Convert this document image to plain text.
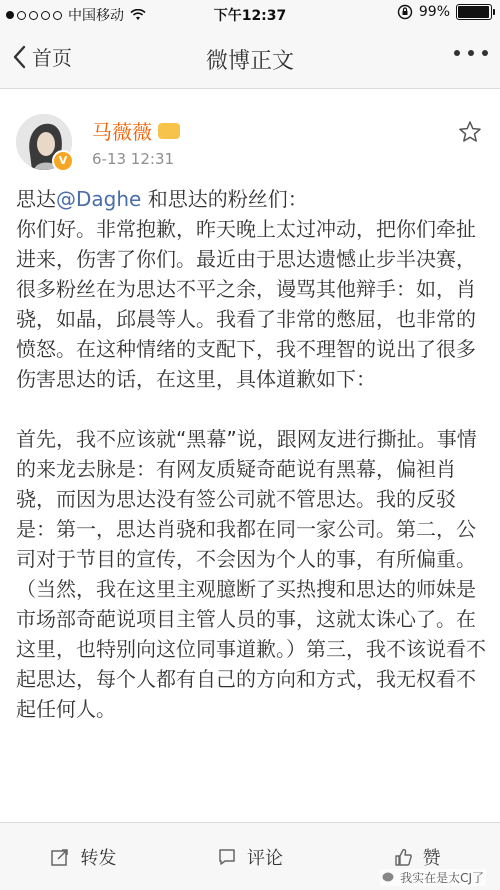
中国移动	下午12:37	99%
首页	微博正文
V
马薇薇
6-13 12:31
思达@Daghe 和思达的粉丝们：
你们好。非常抱歉，昨天晚上太过冲动，把你们牵扯进来，伤害了你们。最近由于思达遗憾止步半决赛，很多粉丝在为思达不平之余，谩骂其他辩手：如，肖骁，如晶，邱晨等人。我看了非常的憋屈，也非常的愤怒。在这种情绪的支配下，我不理智的说出了很多伤害思达的话，在这里，具体道歉如下：

首先，我不应该就“黑幕”说，跟网友进行撕扯。事情的来龙去脉是：有网友质疑奇葩说有黑幕，偏袒肖骁，而因为思达没有签公司就不管思达。我的反驳是：第一，思达肖骁和我都在同一家公司。第二，公司对于节目的宣传，不会因为个人的事，有所偏重。（当然，我在这里主观臆断了买热搜和思达的师妹是市场部奇葩说项目主管人员的事，这就太诛心了。在这里，也特别向这位同事道歉。）第三，我不该说看不起思达，每个人都有自己的方向和方式，我无权看不起任何人。
转发	评论	赞
我实在是太CJ了
